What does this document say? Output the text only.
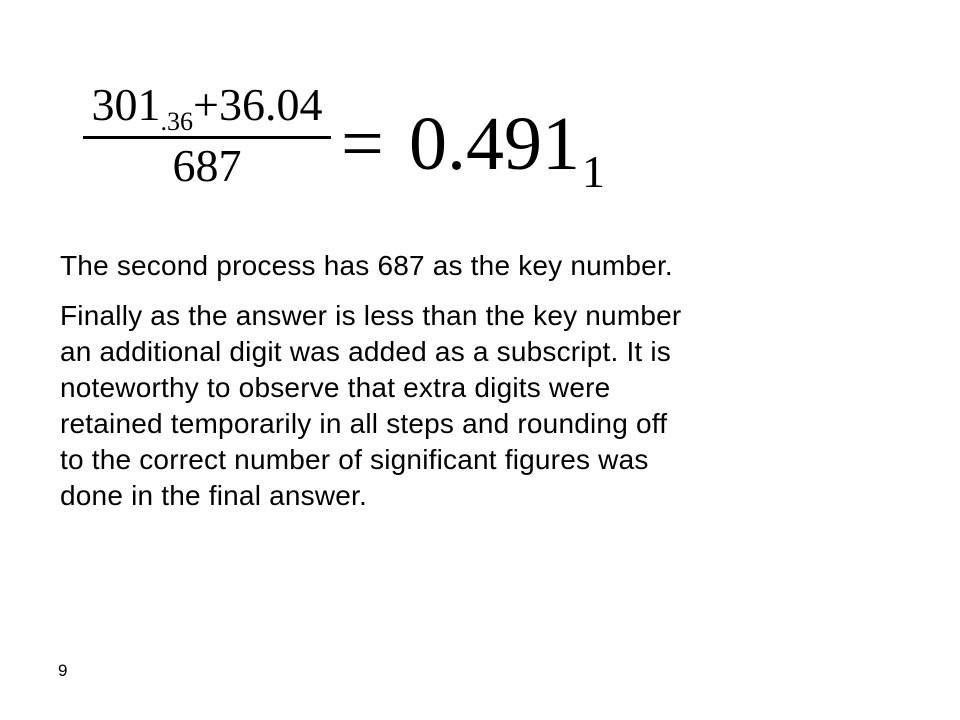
$301_{.36}+36.04$
687	= $0.491_1$

The second process has 687 as the key number.

Finally as the answer is less than the key number
an additional digit was added as a subscript. It is
noteworthy to observe that extra digits were
retained temporarily in all steps and rounding off
to the correct number of significant figures was
done in the final answer.

9
